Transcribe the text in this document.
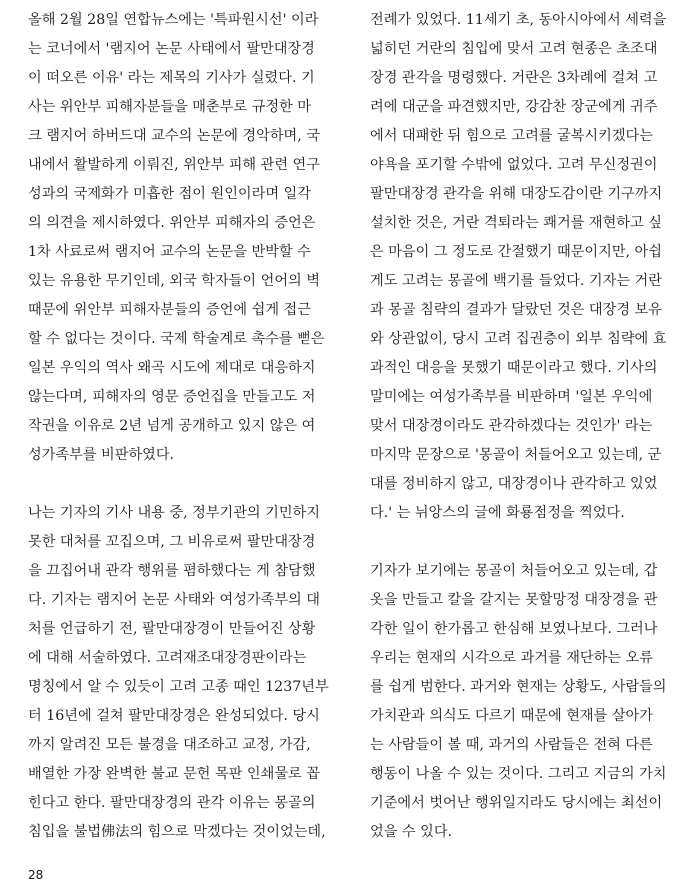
올해 2월 28일 연합뉴스에는 '특파원시선' 이라
는 코너에서 '램지어 논문 사태에서 팔만대장경
이 떠오른 이유' 라는 제목의 기사가 실렸다. 기
사는 위안부 피해자분들을 매춘부로 규정한 마
크 램지어 하버드대 교수의 논문에 경악하며, 국
내에서 활발하게 이뤄진, 위안부 피해 관련 연구
성과의 국제화가 미흡한 점이 원인이라며 일각
의 의견을 제시하였다. 위안부 피해자의 증언은
1차 사료로써 램지어 교수의 논문을 반박할 수
있는 유용한 무기인데, 외국 학자들이 언어의 벽
때문에 위안부 피해자분들의 증언에 쉽게 접근
할 수 없다는 것이다. 국제 학술계로 촉수를 뻗은
일본 우익의 역사 왜곡 시도에 제대로 대응하지
않는다며, 피해자의 영문 증언집을 만들고도 저
작권을 이유로 2년 넘게 공개하고 있지 않은 여
성가족부를 비판하였다.
나는 기자의 기사 내용 중, 정부기관의 기민하지
못한 대처를 꼬집으며, 그 비유로써 팔만대장경
을 끄집어내 관각 행위를 폄하했다는 게 참담했
다. 기자는 램지어 논문 사태와 여성가족부의 대
처를 언급하기 전, 팔만대장경이 만들어진 상황
에 대해 서술하였다. 고려재조대장경판이라는
명칭에서 알 수 있듯이 고려 고종 때인 1237년부
터 16년에 걸쳐 팔만대장경은 완성되었다. 당시
까지 알려진 모든 불경을 대조하고 교정, 가감,
배열한 가장 완벽한 불교 문헌 목판 인쇄물로 꼽
힌다고 한다. 팔만대장경의 관각 이유는 몽골의
침입을 불법佛法의 힘으로 막겠다는 것이었는데,
전례가 있었다. 11세기 초, 동아시아에서 세력을
넓히던 거란의 침입에 맞서 고려 현종은 초조대
장경 관각을 명령했다. 거란은 3차례에 걸쳐 고
려에 대군을 파견했지만, 강감찬 장군에게 귀주
에서 대패한 뒤 힘으로 고려를 굴복시키겠다는
야욕을 포기할 수밖에 없었다. 고려 무신정권이
팔만대장경 관각을 위해 대장도감이란 기구까지
설치한 것은, 거란 격퇴라는 쾌거를 재현하고 싶
은 마음이 그 정도로 간절했기 때문이지만, 아쉽
게도 고려는 몽골에 백기를 들었다. 기자는 거란
과 몽골 침략의 결과가 달랐던 것은 대장경 보유
와 상관없이, 당시 고려 집권층이 외부 침략에 효
과적인 대응을 못했기 때문이라고 했다. 기사의
말미에는 여성가족부를 비판하며 '일본 우익에
맞서 대장경이라도 관각하겠다는 것인가' 라는
마지막 문장으로 '몽골이 처들어오고 있는데, 군
대를 정비하지 않고, 대장경이나 관각하고 있었
다.' 는 뉘앙스의 글에 화룡점정을 찍었다.
기자가 보기에는 몽골이 처들어오고 있는데, 갑
옷을 만들고 칼을 갈지는 못할망정 대장경을 관
각한 일이 한가롭고 한심해 보였나보다. 그러나
우리는 현재의 시각으로 과거를 재단하는 오류
를 쉽게 범한다. 과거와 현재는 상황도, 사람들의
가치관과 의식도 다르기 때문에 현재를 살아가
는 사람들이 볼 때, 과거의 사람들은 전혀 다른
행동이 나올 수 있는 것이다. 그리고 지금의 가치
기준에서 벗어난 행위일지라도 당시에는 최선이
었을 수 있다.
28
